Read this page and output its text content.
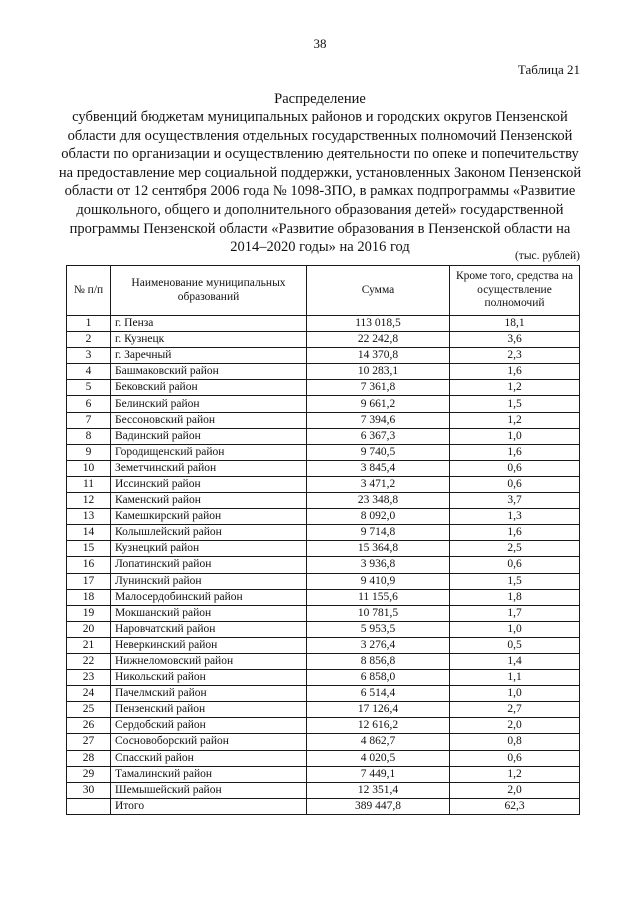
38
Таблица 21
Распределение
субвенций бюджетам муниципальных районов и городских округов Пензенской области для осуществления отдельных государственных полномочий Пензенской области по организации и осуществлению деятельности по опеке и попечительству на предоставление мер социальной поддержки, установленных Законом Пензенской области от 12 сентября 2006 года № 1098-ЗПО, в рамках подпрограммы «Развитие дошкольного, общего и дополнительного образования детей» государственной программы Пензенской области «Развитие образования в Пензенской области на 2014–2020 годы» на 2016 год
(тыс. рублей)
№ п/п	Наименование муниципальных образований	Сумма	Кроме того, средства на осуществление полномочий
1	г. Пенза	113 018,5	18,1
2	г. Кузнецк	22 242,8	3,6
3	г. Заречный	14 370,8	2,3
4	Башмаковский район	10 283,1	1,6
5	Бековский район	7 361,8	1,2
6	Белинский район	9 661,2	1,5
7	Бессоновский район	7 394,6	1,2
8	Вадинский район	6 367,3	1,0
9	Городищенский район	9 740,5	1,6
10	Земетчинский район	3 845,4	0,6
11	Иссинский район	3 471,2	0,6
12	Каменский район	23 348,8	3,7
13	Камешкирский район	8 092,0	1,3
14	Колышлейский район	9 714,8	1,6
15	Кузнецкий район	15 364,8	2,5
16	Лопатинский район	3 936,8	0,6
17	Лунинский район	9 410,9	1,5
18	Малосердобинский район	11 155,6	1,8
19	Мокшанский район	10 781,5	1,7
20	Наровчатский район	5 953,5	1,0
21	Неверкинский район	3 276,4	0,5
22	Нижнеломовский район	8 856,8	1,4
23	Никольский район	6 858,0	1,1
24	Пачелмский район	6 514,4	1,0
25	Пензенский район	17 126,4	2,7
26	Сердобский район	12 616,2	2,0
27	Сосновоборский район	4 862,7	0,8
28	Спасский район	4 020,5	0,6
29	Тамалинский район	7 449,1	1,2
30	Шемышейский район	12 351,4	2,0
	Итого	389 447,8	62,3
